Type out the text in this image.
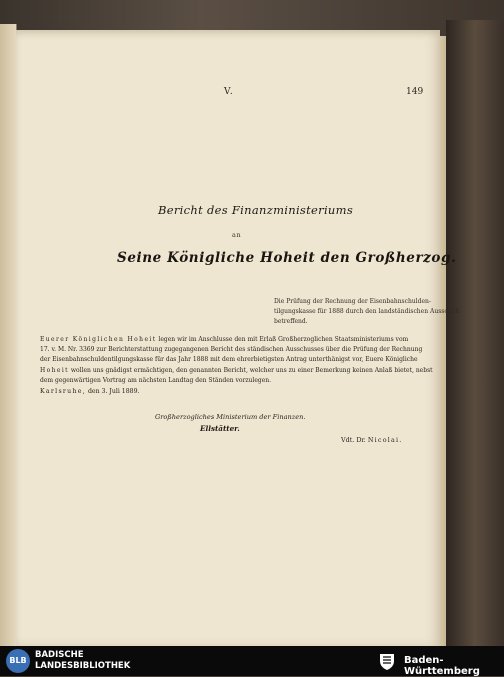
V.	149

Bericht des Finanzministeriums

an

Seine Königliche Hoheit den Großherzog.

Die Prüfung der Rechnung der Eisenbahnschulden-
tilgungskasse für 1888 durch den landständischen Ausschuß
betreffend.
Euerer Königlichen Hoheit legen wir im Anschlusse den mit Erlaß Großherzoglichen Staatsministeriums vom
17. v. M. Nr. 3369 zur Berichterstattung zugegangenen Bericht des ständischen Ausschusses über die Prüfung der Rechnung
der Eisenbahnschuldentilgungskasse für das Jahr 1888 mit dem ehrerbietigsten Antrag unterthänigst vor, Euere Königliche
Hoheit wollen uns gnädigst ermächtigen, den genannten Bericht, welcher uns zu einer Bemerkung keinen Anlaß bietet, nebst
dem gegenwärtigen Vortrag am nächsten Landtag den Ständen vorzulegen.

Karlsruhe, den 3. Juli 1889.

Großherzogliches Ministerium der Finanzen.

Ellstätter.

Vdt. Dr. Nicolai.

BLB
BADISCHE
LANDESBIBLIOTHEK	Baden-Württemberg
